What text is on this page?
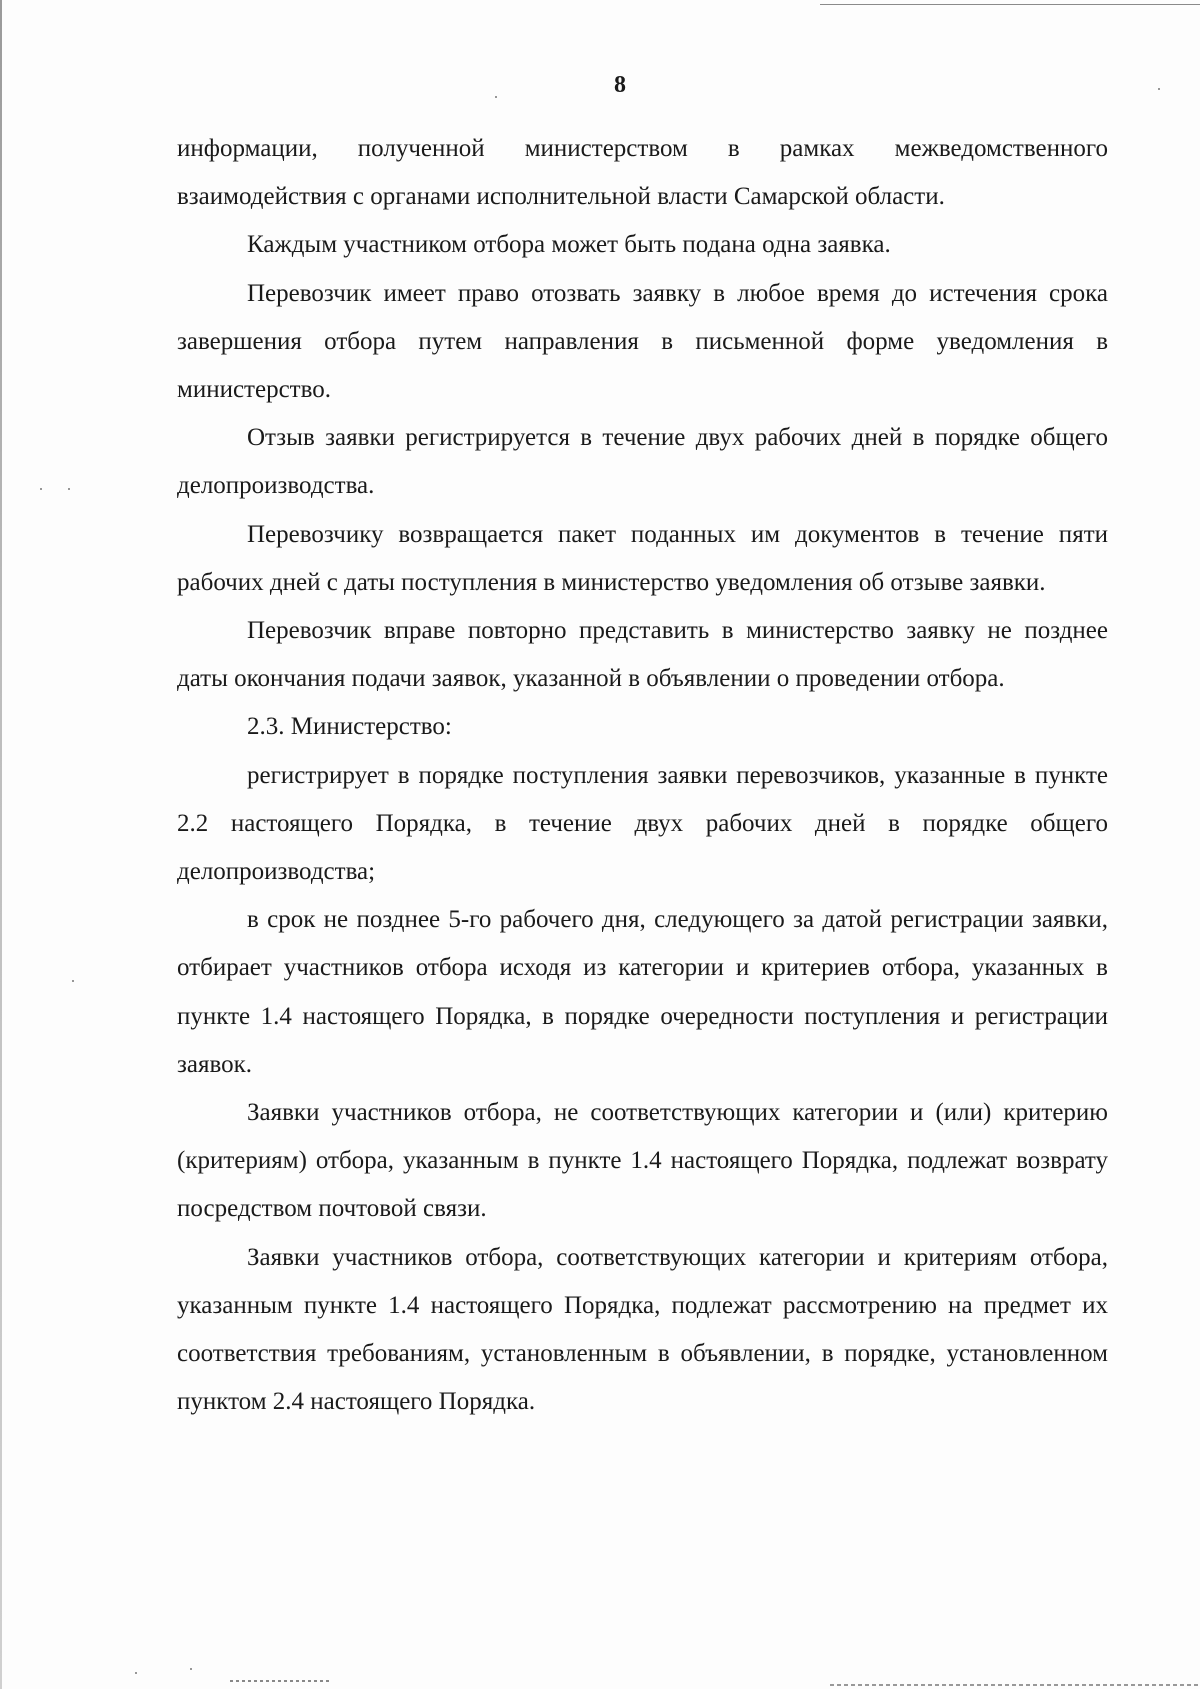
8

информации, полученной министерством в рамках межведомственного взаимодействия с органами исполнительной власти Самарской области.

Каждым участником отбора может быть подана одна заявка.

Перевозчик имеет право отозвать заявку в любое время до истечения срока завершения отбора путем направления в письменной форме уведомления в министерство.

Отзыв заявки регистрируется в течение двух рабочих дней в порядке общего делопроизводства.

Перевозчику возвращается пакет поданных им документов в течение пяти рабочих дней с даты поступления в министерство уведомления об отзыве заявки.

Перевозчик вправе повторно представить в министерство заявку не позднее даты окончания подачи заявок, указанной в объявлении о проведении отбора.

2.3. Министерство:

регистрирует в порядке поступления заявки перевозчиков, указанные в пункте 2.2 настоящего Порядка, в течение двух рабочих дней в порядке общего делопроизводства;

в срок не позднее 5-го рабочего дня, следующего за датой регистрации заявки, отбирает участников отбора исходя из категории и критериев отбора, указанных в пункте 1.4 настоящего Порядка, в порядке очередности поступления и регистрации заявок.

Заявки участников отбора, не соответствующих категории и (или) критерию (критериям) отбора, указанным в пункте 1.4 настоящего Порядка, подлежат возврату посредством почтовой связи.

Заявки участников отбора, соответствующих категории и критериям отбора, указанным пункте 1.4 настоящего Порядка, подлежат рассмотрению на предмет их соответствия требованиям, установленным в объявлении, в порядке, установленном пунктом 2.4 настоящего Порядка.
